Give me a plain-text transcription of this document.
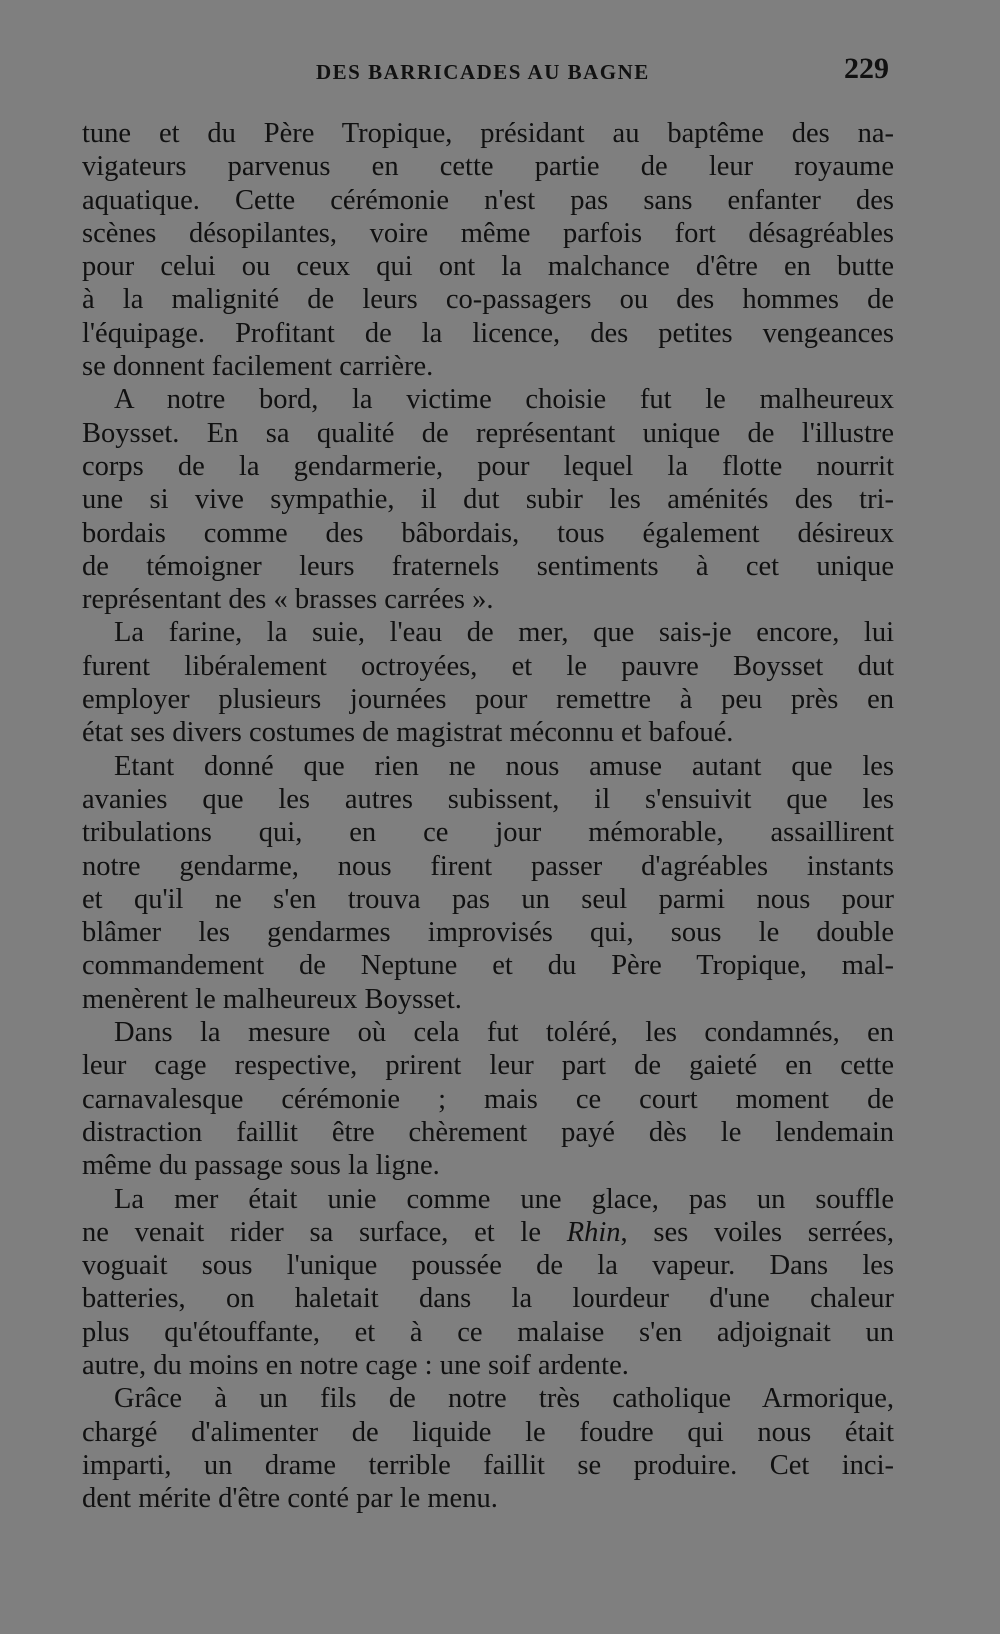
DES BARRICADES AU BAGNE	229
tune et du Père Tropique, présidant au baptême des na-
vigateurs parvenus en cette partie de leur royaume
aquatique. Cette cérémonie n'est pas sans enfanter des
scènes désopilantes, voire même parfois fort désagréables
pour celui ou ceux qui ont la malchance d'être en butte
à la malignité de leurs co-passagers ou des hommes de
l'équipage. Profitant de la licence, des petites vengeances
se donnent facilement carrière.
A notre bord, la victime choisie fut le malheureux
Boysset. En sa qualité de représentant unique de l'illustre
corps de la gendarmerie, pour lequel la flotte nourrit
une si vive sympathie, il dut subir les aménités des tri-
bordais comme des bâbordais, tous également désireux
de témoigner leurs fraternels sentiments à cet unique
représentant des « brasses carrées ».
La farine, la suie, l'eau de mer, que sais-je encore, lui
furent libéralement octroyées, et le pauvre Boysset dut
employer plusieurs journées pour remettre à peu près en
état ses divers costumes de magistrat méconnu et bafoué.
Etant donné que rien ne nous amuse autant que les
avanies que les autres subissent, il s'ensuivit que les
tribulations qui, en ce jour mémorable, assaillirent
notre gendarme, nous firent passer d'agréables instants
et qu'il ne s'en trouva pas un seul parmi nous pour
blâmer les gendarmes improvisés qui, sous le double
commandement de Neptune et du Père Tropique, mal-
menèrent le malheureux Boysset.
Dans la mesure où cela fut toléré, les condamnés, en
leur cage respective, prirent leur part de gaieté en cette
carnavalesque cérémonie ; mais ce court moment de
distraction faillit être chèrement payé dès le lendemain
même du passage sous la ligne.
La mer était unie comme une glace, pas un souffle
ne venait rider sa surface, et le Rhin, ses voiles serrées,
voguait sous l'unique poussée de la vapeur. Dans les
batteries, on haletait dans la lourdeur d'une chaleur
plus qu'étouffante, et à ce malaise s'en adjoignait un
autre, du moins en notre cage : une soif ardente.
Grâce à un fils de notre très catholique Armorique,
chargé d'alimenter de liquide le foudre qui nous était
imparti, un drame terrible faillit se produire. Cet inci-
dent mérite d'être conté par le menu.
